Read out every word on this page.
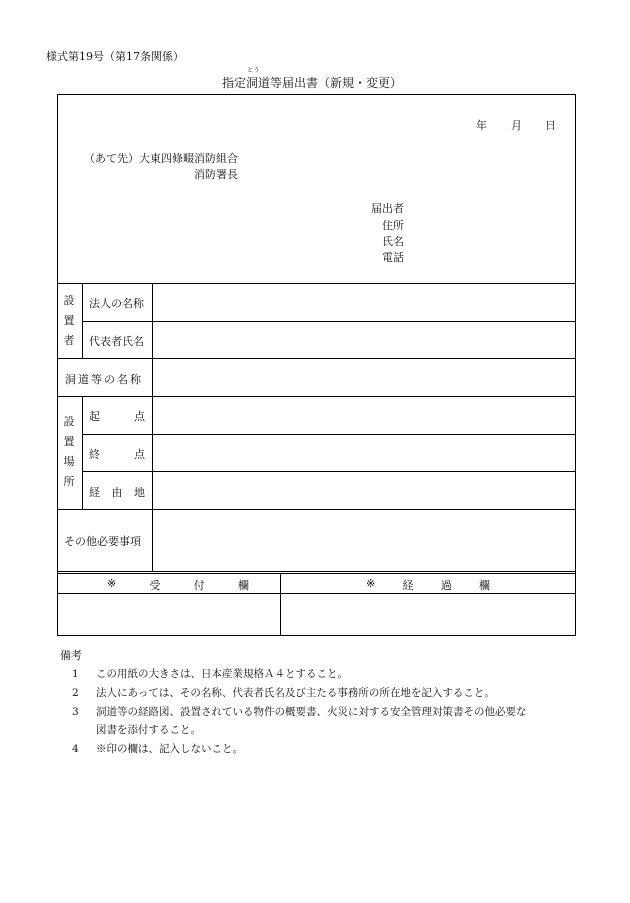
様式第19号（第17条関係）
とう
指定洞道等届出書（新規・変更）
年 月 日
（あて先）大東四條畷消防組合
消防署長
届出者
住所
氏名
電話
設
置
者
法人の名称
代表者氏名
洞道等の名称
設
置
場
所
起	点
終	点
経 由 地
その他必要事項
※	受	付	欄	※ 経 過 欄
備考
1 この用紙の大きさは、日本産業規格Ａ４とすること。
2 法人にあっては、その名称、代表者氏名及び主たる事務所の所在地を記入すること。
3 洞道等の経路図、設置されている物件の概要書、火災に対する安全管理対策書その他必要な
図書を添付すること。
4 ※印の欄は、記入しないこと。
